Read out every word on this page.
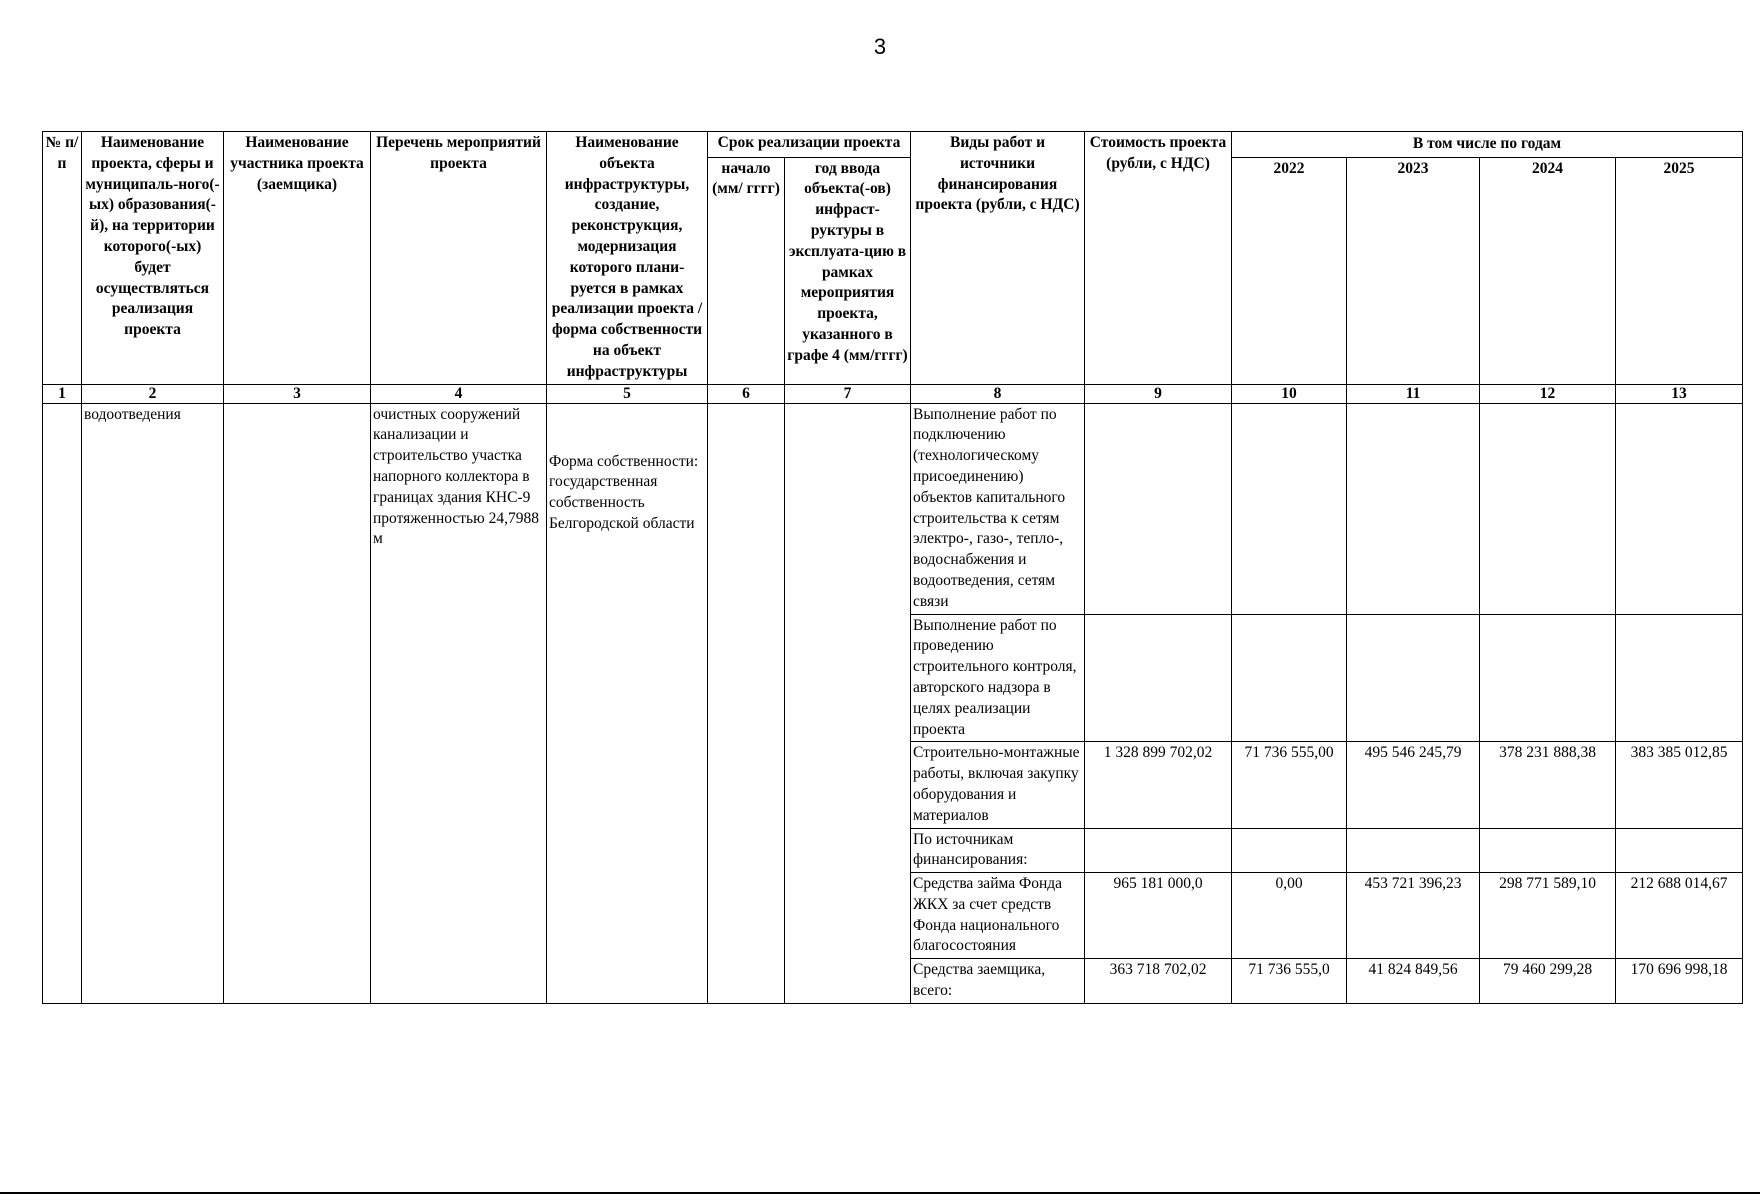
3
№ п/п	Наименование проекта, сферы и муниципаль-ного(-ых) образования(-й), на территории которого(-ых) будет осуществляться реализация проекта	Наименование участника проекта (заемщика)	Перечень мероприятий проекта	Наименование объекта инфраструктуры, создание, реконструкция, модернизация которого плани-руется в рамках реализации проекта / форма собственности на объект инфраструктуры	Срок реализации проекта		Виды работ и источники финансирования проекта (рубли, с НДС)	Стоимость проекта (рубли, с НДС)	В том числе по годам			
					начало (мм/ гггг)	год ввода объекта(-ов) инфраст-руктуры в эксплуата-цию в рамках мероприятия проекта, указанного в графе 4 (мм/гггг)			2022	2023	2024	2025
1	2	3	4	5	6	7	8	9	10	11	12	13
	водоотведения		очистных сооружений канализации и строительство участка напорного коллектора в границах здания КНС-9 протяженностью 24,7988 м	Форма собственности: государственная собственность Белгородской области			Выполнение работ по подключению (технологическому присоединению) объектов капитального строительства к сетям электро-, газо-, тепло-, водоснабжения и водоотведения, сетям связи					
							Выполнение работ по проведению строительного контроля, авторского надзора в целях реализации проекта					
							Строительно-монтажные работы, включая закупку оборудования и материалов	1 328 899 702,02	71 736 555,00	495 546 245,79	378 231 888,38	383 385 012,85
							По источникам финансирования:					
							Средства займа Фонда ЖКХ за счет средств Фонда национального благосостояния	965 181 000,0	0,00	453 721 396,23	298 771 589,10	212 688 014,67
							Средства заемщика, всего:	363 718 702,02	71 736 555,0	41 824 849,56	79 460 299,28	170 696 998,18
